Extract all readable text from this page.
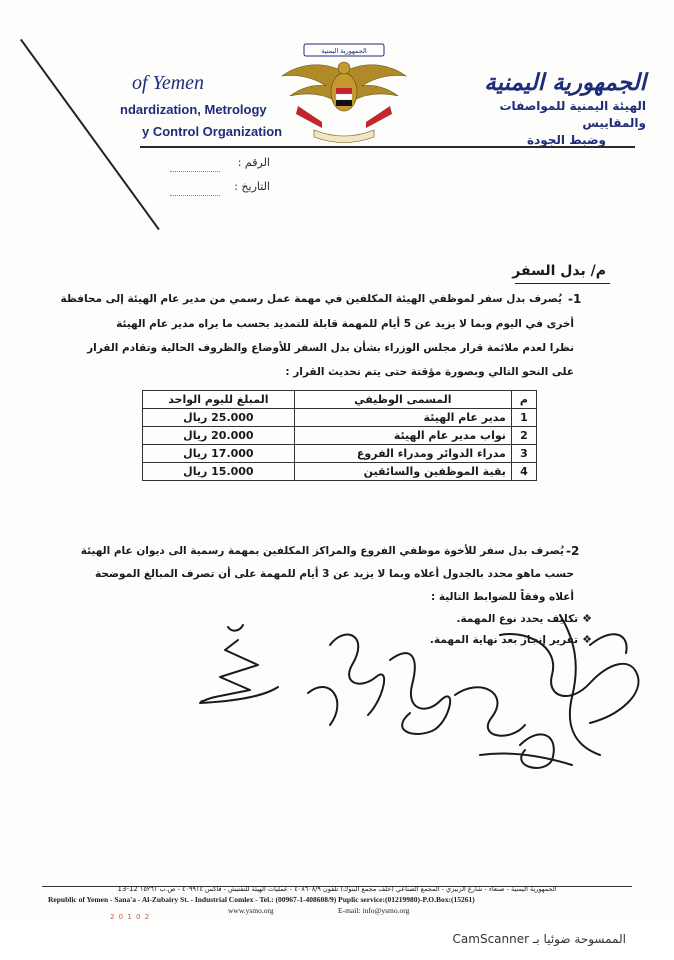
of Yemen
ndardization, Metrology
y Control Organization
الجمهورية اليمنية
الجمهورية اليمنية
الهيئة اليمنية للمواصفات والمقاييس
وضبط الجودة
الرقم :
التاريخ :
م/ بدل السفر
-1
يُصرف بدل سفر لموظفي الهيئة المكلفين في مهمة عمل رسمي من مدير عام الهيئة إلى محافظة
أخرى في اليوم وبما لا يزيد عن 5 أيام للمهمة قابلة للتمديد بحسب ما يراه مدير عام الهيئة
نظرا لعدم ملائمة قرار مجلس الوزراء بشأن بدل السفر للأوضاع والظروف الحالية وتقادم القرار
على النحو التالي وبصورة مؤقتة حتى يتم تحديث القرار :
م	المسمى الوظيفي	المبلغ لليوم الواحد
1	مدير عام الهيئة	25.000 ريال
2	نواب مدير عام الهيئة	20.000 ريال
3	مدراء الدوائر ومدراء الفروع	17.000 ريال
4	بقية الموظفين والسائقين	15.000 ريال
-2
يُصرف بدل سفر للأخوة موظفي الفروع والمراكز المكلفين بمهمة رسمية الى ديوان عام الهيئة
حسب ماهو محدد بالجدول أعلاه وبما لا يزيد عن 3 أيام للمهمة على أن تصرف المبالغ الموضحة
أعلاه وفقاً للضوابط التالية :
❖تكليف يحدد نوع المهمة.
❖تقرير إنجاز بعد نهاية المهمة.
الجمهورية اليمنية - صنعاء - شارع الزبيري - المجمع الصناعي (خلف مجمع البنوك) تلفون ٤٠٨٦٠٨/٩ - عمليات الهيئة للتفتيش - فاكس ٤٠٩٩١٤ - ص.ب ١٥٢٦١ 12-13
Republic of Yemen - Sana'a - Al-Zubairy St. - Industrial Comlex - Tel.: (00967-1-408608/9) Puplic service:(01219980)-P.O.Box:(15261)
www.ysmo.org	E-mail: info@ysmo.org
2 0 1 0 2
الممسوحة ضوئيا بـ CamScanner
